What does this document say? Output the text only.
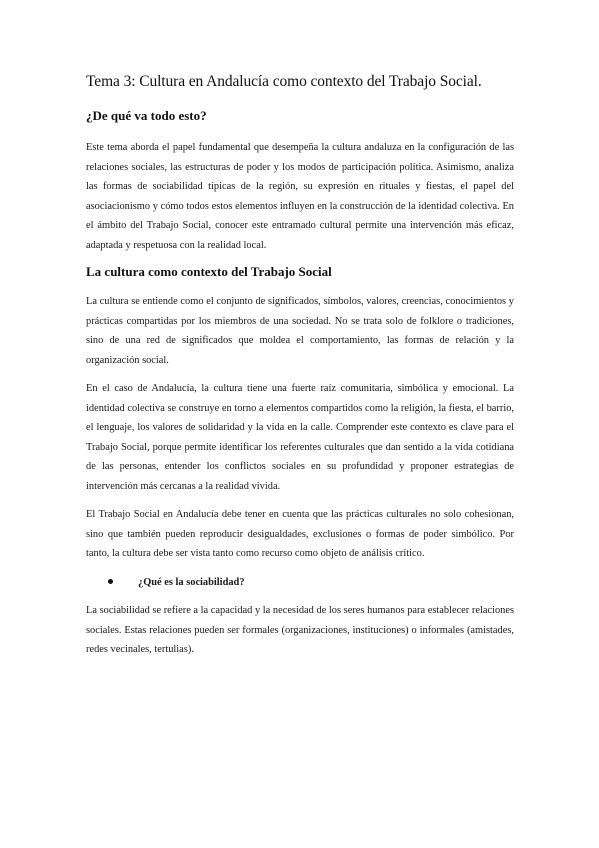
Tema 3: Cultura en Andalucía como contexto del Trabajo Social.
¿De qué va todo esto?

Este tema aborda el papel fundamental que desempeña la cultura andaluza en la configuración de las relaciones sociales, las estructuras de poder y los modos de participación política. Asimismo, analiza las formas de sociabilidad típicas de la región, su expresión en rituales y fiestas, el papel del asociacionismo y cómo todos estos elementos influyen en la construcción de la identidad colectiva. En el ámbito del Trabajo Social, conocer este entramado cultural permite una intervención más eficaz, adaptada y respetuosa con la realidad local.

La cultura como contexto del Trabajo Social

La cultura se entiende como el conjunto de significados, símbolos, valores, creencias, conocimientos y prácticas compartidas por los miembros de una sociedad. No se trata solo de folklore o tradiciones, sino de una red de significados que moldea el comportamiento, las formas de relación y la organización social.

En el caso de Andalucía, la cultura tiene una fuerte raíz comunitaria, simbólica y emocional. La identidad colectiva se construye en torno a elementos compartidos como la religión, la fiesta, el barrio, el lenguaje, los valores de solidaridad y la vida en la calle. Comprender este contexto es clave para el Trabajo Social, porque permite identificar los referentes culturales que dan sentido a la vida cotidiana de las personas, entender los conflictos sociales en su profundidad y proponer estrategias de intervención más cercanas a la realidad vivida.

El Trabajo Social en Andalucía debe tener en cuenta que las prácticas culturales no solo cohesionan, sino que también pueden reproducir desigualdades, exclusiones o formas de poder simbólico. Por tanto, la cultura debe ser vista tanto como recurso como objeto de análisis crítico.

¿Qué es la sociabilidad?

La sociabilidad se refiere a la capacidad y la necesidad de los seres humanos para establecer relaciones sociales. Estas relaciones pueden ser formales (organizaciones, instituciones) o informales (amistades, redes vecinales, tertulias).
